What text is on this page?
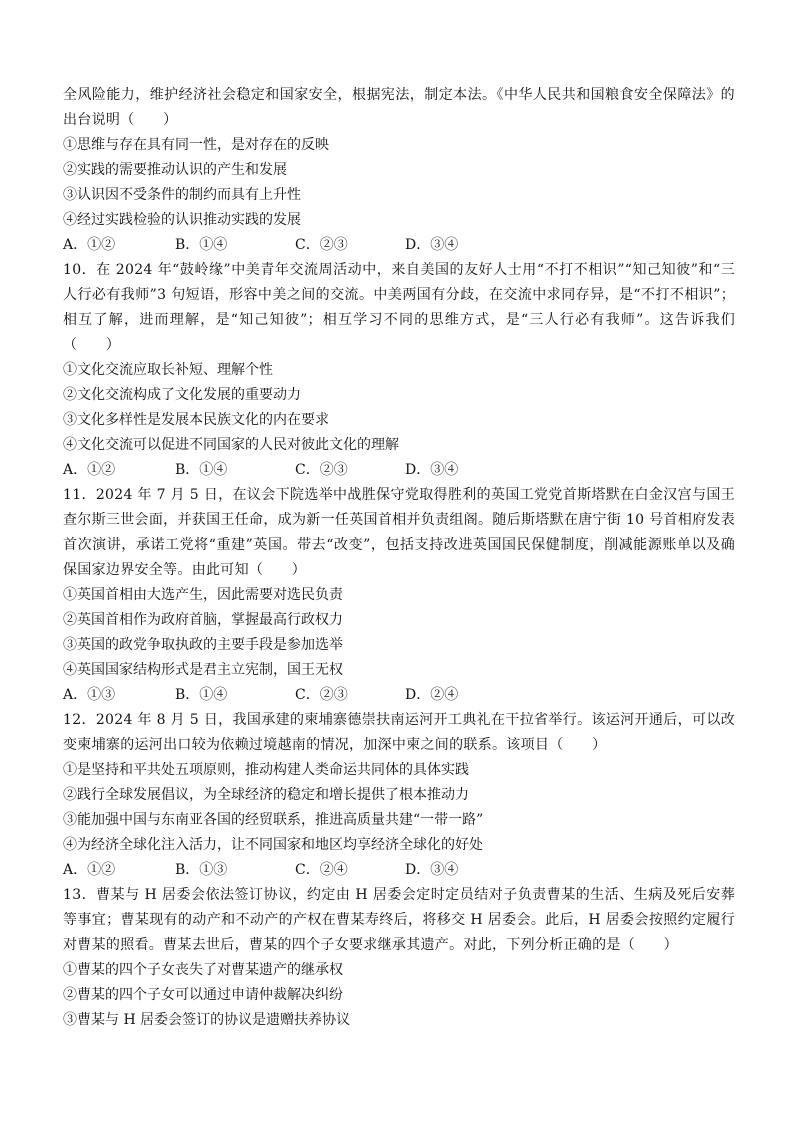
全风险能力，维护经济社会稳定和国家安全，根据宪法，制定本法。《中华人民共和国粮食安全保障法》的出台说明（　　）
①思维与存在具有同一性，是对存在的反映
②实践的需要推动认识的产生和发展
③认识因不受条件的制约而具有上升性
④经过实践检验的认识推动实践的发展
A．①②	B．①④	C．②③	D．③④
10．在 2024 年“鼓岭缘”中美青年交流周活动中，来自美国的友好人士用“不打不相识”“知己知彼”和“三人行必有我师”3 句短语，形容中美之间的交流。中美两国有分歧，在交流中求同存异，是“不打不相识”；相互了解，进而理解，是“知己知彼”；相互学习不同的思维方式，是“三人行必有我师”。这告诉我们（　　）
①文化交流应取长补短、理解个性
②文化交流构成了文化发展的重要动力
③文化多样性是发展本民族文化的内在要求
④文化交流可以促进不同国家的人民对彼此文化的理解
A．①②	B．①④	C．②③	D．③④
11．2024 年 7 月 5 日，在议会下院选举中战胜保守党取得胜利的英国工党党首斯塔默在白金汉宫与国王查尔斯三世会面，并获国王任命，成为新一任英国首相并负责组阁。随后斯塔默在唐宁街 10 号首相府发表首次演讲，承诺工党将“重建”英国。带去“改变”，包括支持改进英国国民保健制度，削减能源账单以及确保国家边界安全等。由此可知（　　）
①英国首相由大选产生，因此需要对选民负责
②英国首相作为政府首脑，掌握最高行政权力
③英国的政党争取执政的主要手段是参加选举
④英国国家结构形式是君主立宪制，国王无权
A．①③	B．①④	C．②③	D．②④
12．2024 年 8 月 5 日，我国承建的柬埔寨德崇扶南运河开工典礼在干拉省举行。该运河开通后，可以改变柬埔寨的运河出口较为依赖过境越南的情况，加深中柬之间的联系。该项目（　　）
①是坚持和平共处五项原则，推动构建人类命运共同体的具体实践
②践行全球发展倡议，为全球经济的稳定和增长提供了根本推动力
③能加强中国与东南亚各国的经贸联系，推进高质量共建“一带一路”
④为经济全球化注入活力，让不同国家和地区均享经济全球化的好处
A．①②	B．①③	C．②④	D．③④
13．曹某与 H 居委会依法签订协议，约定由 H 居委会定时定员结对子负责曹某的生活、生病及死后安葬等事宜；曹某现有的动产和不动产的产权在曹某寿终后，将移交 H 居委会。此后，H 居委会按照约定履行对曹某的照看。曹某去世后，曹某的四个子女要求继承其遗产。对此，下列分析正确的是（　　）
①曹某的四个子女丧失了对曹某遗产的继承权
②曹某的四个子女可以通过申请仲裁解决纠纷
③曹某与 H 居委会签订的协议是遗赠扶养协议
